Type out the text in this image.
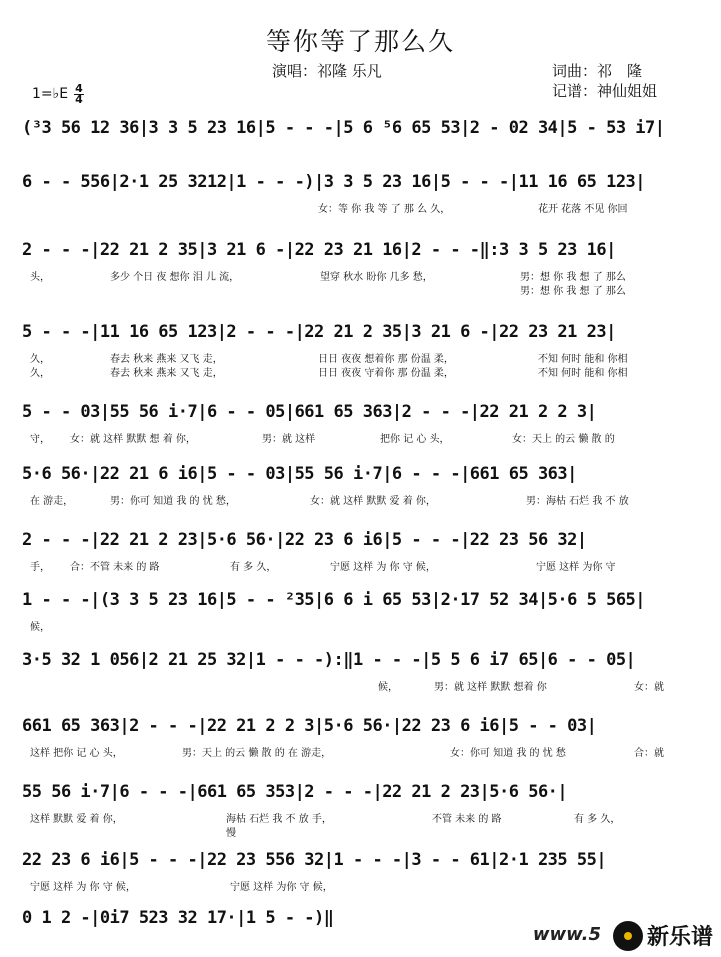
等你等了那么久
演唱：祁隆 乐凡	词曲：祁　隆
记谱：神仙姐姐
1=♭E 4
4
(³3 56 12 36|3 3 5 23 16|5 - - -|5 6 ⁵6 65 53|2 - 02 34|5 - 53 i7|
6 - - 556|2·1 25 3212|1 - - -)|3 3 5 23 16|5 - - -|11 16 65 123|
女：等 你 我 等 了 那 么 久，	花开 花落 不见 你回
2 - - -|22 21 2 35|3 21 6 -|22 23 21 16|2 - - -‖:3 3 5 23 16|
头，	多少 个日 夜 想你 泪 儿 流，	望穿 秋水 盼你 几多 愁，	男：想 你 我 想 了 那么
男：想 你 我 想 了 那么
5 - - -|11 16 65 123|2 - - -|22 21 2 35|3 21 6 -|22 23 21 23|
久，	春去 秋来 燕来 又飞 走，	日日 夜夜 想着你 那 份温 柔，	不知 何时 能和 你相
久，	春去 秋来 燕来 又飞 走，	日日 夜夜 守着你 那 份温 柔，	不知 何时 能和 你相
5 - - 03|55 56 i·7|6 - - 05|661 65 363|2 - - -|22 21 2 2 3|
守， 女：就 这样 默默 想 着 你，	男：就 这样	把你 记 心 头，	女：天上 的云 懒 散 的
5·6 56·|22 21 6 i6|5 - - 03|55 56 i·7|6 - - -|661 65 363|
在 游走，	男：你可 知道 我 的 忧 愁，	女：就 这样 默默 爱 着 你，	男：海枯 石烂 我 不 放
2 - - -|22 21 2 23|5·6 56·|22 23 6 i6|5 - - -|22 23 56 32|
手， 合：不管 未来 的 路	有 多 久，	宁愿 这样 为 你 守 候，	宁愿 这样 为你 守
1 - - -|(3 3 5 23 16|5 - - ²35|6 6 i 65 53|2·17 52 34|5·6 5 565|
候，
3·5 32 1 056|2 21 25 32|1 - - -):‖1 - - -|5 5 6 i7 65|6 - - 05|
候，	男：就 这样 默默 想着 你	女：就
661 65 363|2 - - -|22 21 2 2 3|5·6 56·|22 23 6 i6|5 - - 03|
这样 把你 记 心 头，	男：天上 的云 懒 散 的 在 游走，	女：你可 知道 我 的 忧 愁	合：就
55 56 i·7|6 - - -|661 65 353|2 - - -|22 21 2 23|5·6 56·|
这样 默默 爱 着 你，	海枯 石烂 我 不 放 手，	不管 未来 的 路	有 多 久，
慢
22 23 6 i6|5 - - -|22 23 556 32|1 - - -|3 - - 61|2·1 235 55|
宁愿 这样 为 你 守 候，	宁愿 这样 为你 守 候，
0 1 2 -|0i7 523 32 17·|1 5 - -)‖
www.5 新乐谱
